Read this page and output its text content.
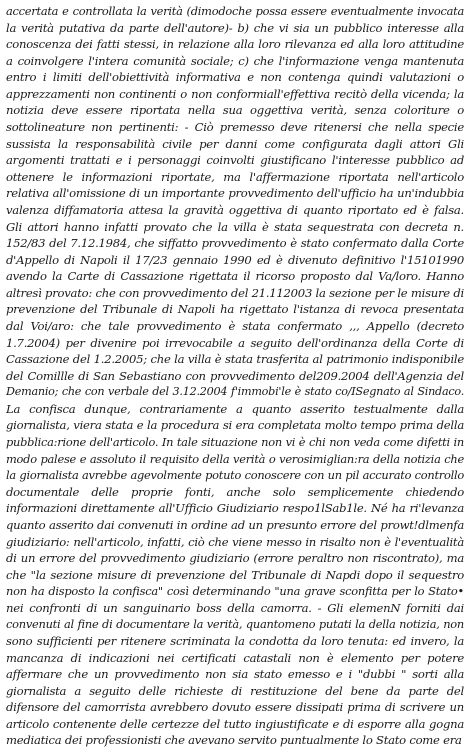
accertata e controllata la verità (dimodoche possa essere eventualmente invocata
la verità putativa da parte dell'autore)- b) che vi sia un pubblico interesse alla
conoscenza dei fatti stessi, in relazione alla loro rilevanza ed alla loro attitudine
a coinvolgere l'intera comunità sociale; c) che l'informazione venga mantenuta
entro i limiti dell'obiettività informativa e non contenga quindi valutazioni o
apprezzamenti non continenti o non conformiall'effettiva recitò della vicenda; la
notizia deve essere riportata nella sua oggettiva verità, senza coloriture o
sottolineature non pertinenti: - Ciò premesso deve ritenersi che nella specie
sussista la responsabilità civile per danni come configurata dagli attori Gli
argomenti trattati e i personaggi coinvolti giustificano l'interesse pubblico ad
ottenere le informazioni riportate, ma l'affermazione riportata nell'articolo
relativa all'omissione di un importante provvedimento dell'ufficio ha un'indubbia
valenza diffamatoria attesa la gravità oggettiva di quanto riportato ed è falsa.
Gli attori hanno infatti provato che la villa è stata sequestrata con decreta n.
152/83 del 7.12.1984, che siffatto provvedimento è stato confermato dalla Corte
d'Appello di Napoli il 17/23 gennaio 1990 ed è divenuto definitivo l'15101990
avendo la Carte di Cassazione rigettata il ricorso proposto dal Va/loro. Hanno
altresì provato: che con provvedimento del 21.112003 la sezione per le misure di
prevenzione del Tribunale di Napoli ha rigettato l'istanza di revoca presentata
dal Voi/aro: che tale provvedimento è stata confermato ,,, Appello (decreto
1.7.2004) per divenire poi irrevocabile a seguito dell'ordinanza della Corte di
Cassazione del 1.2.2005; che la villa è stata trasferita al patrimonio indisponibile
del Comillle di San Sebastiano con provvedimento del209.2004 dell'Agenzia del
Demanio; che con verbale del 3.12.2004 f'immobi'le è stato co/ISegnato al Sindaco.
La confisca dunque, contrariamente a quanto asserito testualmente dalla
giornalista, viera stata e la procedura si era completata molto tempo prima della
pubblica:rione dell'articolo. In tale situazione non vi è chi non veda come difetti in
modo palese e assoluto il requisito della verità o verosimiglian:ra della notizia che
la giornalista avrebbe agevolmente potuto conoscere con un pil accurato controllo
documentale delle proprie fonti, anche solo semplicemente chiedendo
informazioni direttamente all'Ufficio Giudiziario respo1lSab1le. Né ha ri'levanza
quanto asserito dai convenuti in ordine ad un presunto errore del prowt!dlmenfa
giudiziario: nell'articolo, infatti, ciò che viene messo in risalto non è l'eventualità
di un errore del provvedimento giudiziario (errore peraltro non riscontrato), ma
che "la sezione misure di prevenzione del Tribunale di Napdi dopo il sequestro
non ha disposto la confisca" così determinando "una grave sconfitta per lo Stato•
nei confronti di un sanguinario boss della camorra. - Gli elemenN forniti dai
convenuti al fine di documentare la verità, quantomeno putati la della notizia, non
sono sufficienti per ritenere scriminata la condotta da loro tenuta: ed invero, la
mancanza di indicazioni nei certificati catastali non è elemento per potere
affermare che un provvedimento non sia stato emesso e i "dubbi " sorti alla
giornalista a seguito delle richieste di restituzione del bene da parte del
difensore del camorrista avrebbero dovuto essere dissipati prima di scrivere un
articolo contenente delle certezze del tutto ingiustificate e di esporre alla gogna
mediatica dei professionisti che avevano servito puntualmente lo Stato come era
